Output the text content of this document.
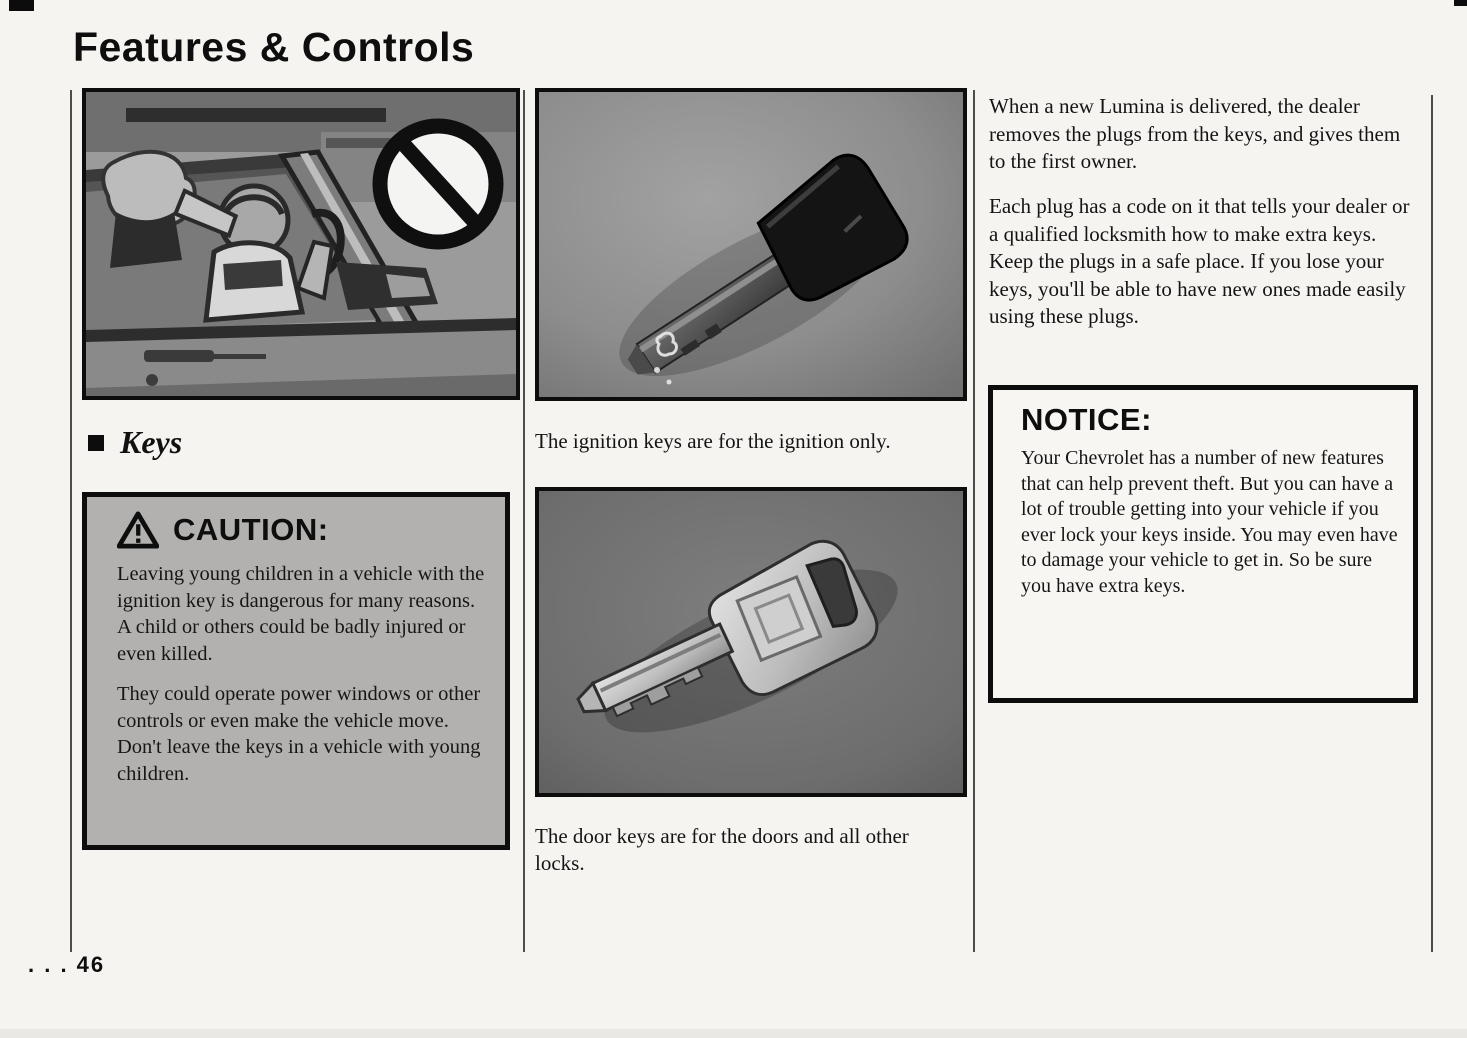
Features & Controls
Keys
CAUTION:

Leaving young children in a vehicle with the ignition key is dangerous for many reasons. A child or others could be badly injured or even killed.

They could operate power windows or other controls or even make the vehicle move. Don't leave the keys in a vehicle with young children.

The ignition keys are for the ignition only.

The door keys are for the doors and all other locks.

When a new Lumina is delivered, the dealer removes the plugs from the keys, and gives them to the first owner.

Each plug has a code on it that tells your dealer or a qualified locksmith how to make extra keys. Keep the plugs in a safe place. If you lose your keys, you'll be able to have new ones made easily using these plugs.

NOTICE:

Your Chevrolet has a number of new features that can help prevent theft. But you can have a lot of trouble getting into your vehicle if you ever lock your keys inside. You may even have to damage your vehicle to get in. So be sure you have extra keys.

. . . 46
